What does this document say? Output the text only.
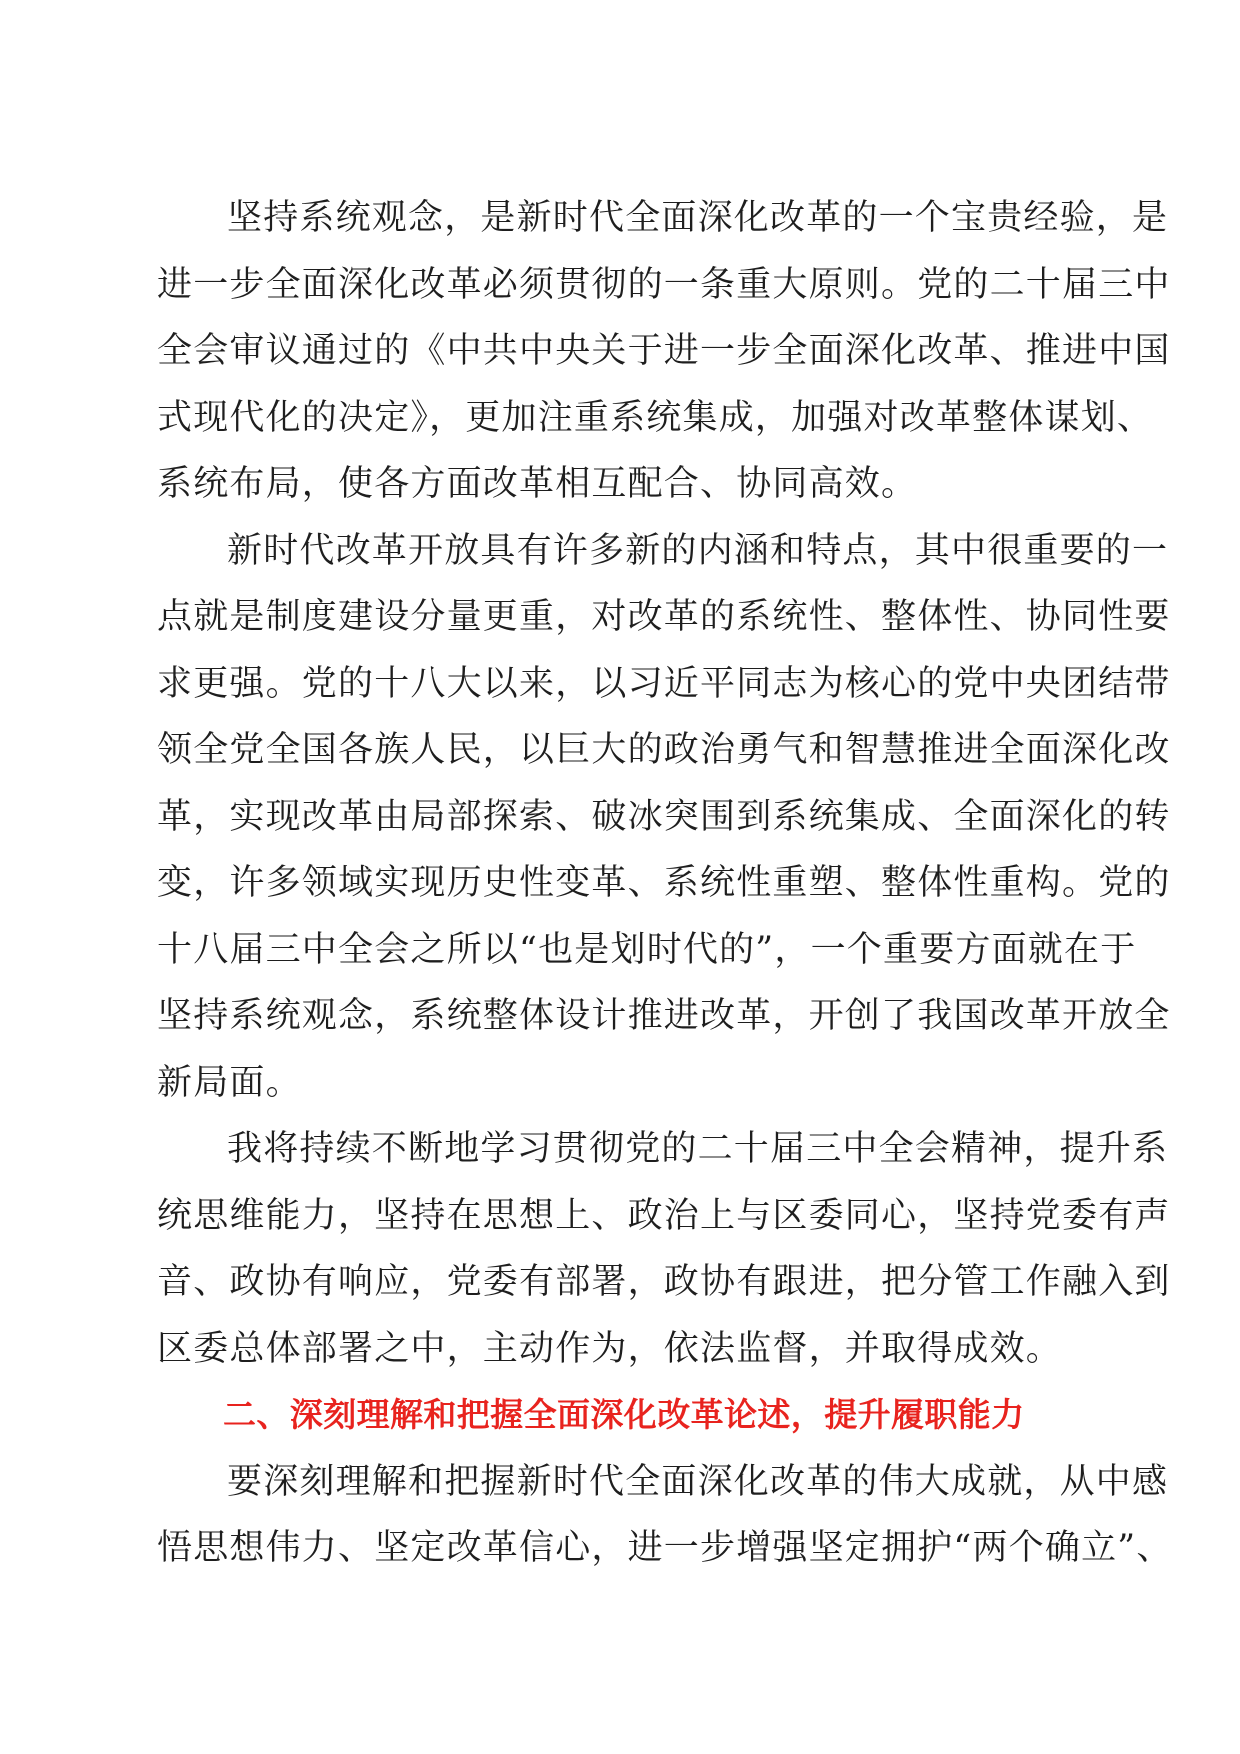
坚持系统观念，是新时代全面深化改革的一个宝贵经验，是
进一步全面深化改革必须贯彻的一条重大原则。党的二十届三中
全会审议通过的《中共中央关于进一步全面深化改革、推进中国
式现代化的决定》，更加注重系统集成，加强对改革整体谋划、
系统布局，使各方面改革相互配合、协同高效。
新时代改革开放具有许多新的内涵和特点，其中很重要的一
点就是制度建设分量更重，对改革的系统性、整体性、协同性要
求更强。党的十八大以来，以习近平同志为核心的党中央团结带
领全党全国各族人民，以巨大的政治勇气和智慧推进全面深化改
革，实现改革由局部探索、破冰突围到系统集成、全面深化的转
变，许多领域实现历史性变革、系统性重塑、整体性重构。党的
十八届三中全会之所以“也是划时代的”，一个重要方面就在于
坚持系统观念，系统整体设计推进改革，开创了我国改革开放全
新局面。
我将持续不断地学习贯彻党的二十届三中全会精神，提升系
统思维能力，坚持在思想上、政治上与区委同心，坚持党委有声
音、政协有响应，党委有部署，政协有跟进，把分管工作融入到
区委总体部署之中，主动作为，依法监督，并取得成效。
二、深刻理解和把握全面深化改革论述，提升履职能力
要深刻理解和把握新时代全面深化改革的伟大成就，从中感
悟思想伟力、坚定改革信心，进一步增强坚定拥护“两个确立”、
